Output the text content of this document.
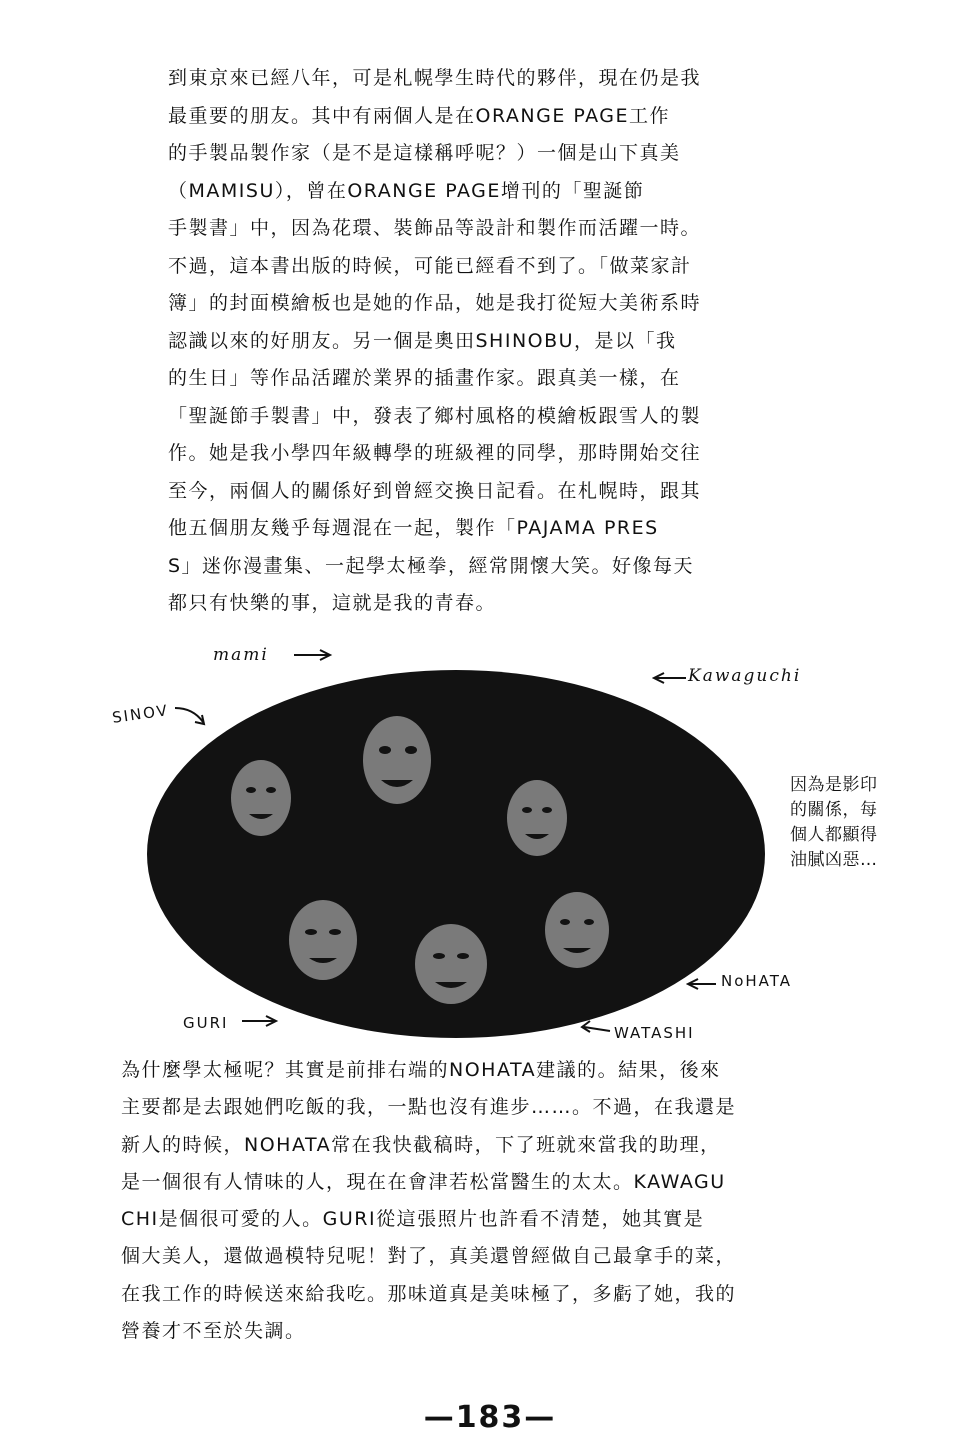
到東京來已經八年，可是札幌學生時代的夥伴，現在仍是我
最重要的朋友。其中有兩個人是在ORANGE PAGE工作
的手製品製作家（是不是這樣稱呼呢？）一個是山下真美
（MAMISU），曾在ORANGE PAGE增刊的「聖誕節
手製書」中，因為花環、裝飾品等設計和製作而活躍一時。
不過，這本書出版的時候，可能已經看不到了。「做菜家計
簿」的封面模繪板也是她的作品，她是我打從短大美術系時
認識以來的好朋友。另一個是奧田SHINOBU，是以「我
的生日」等作品活躍於業界的插畫作家。跟真美一樣，在
「聖誕節手製書」中，發表了鄉村風格的模繪板跟雪人的製
作。她是我小學四年級轉學的班級裡的同學，那時開始交往
至今，兩個人的關係好到曾經交換日記看。在札幌時，跟其
他五個朋友幾乎每週混在一起，製作「PAJAMA PRES
S」迷你漫畫集、一起學太極拳，經常開懷大笑。好像每天
都只有快樂的事，這就是我的青春。
mami
Kawaguchi
SINOV
NoHATA
GURI
WATASHI
因為是影印
的關係，每
個人都顯得
油膩凶惡…
為什麼學太極呢？其實是前排右端的NOHATA建議的。結果，後來
主要都是去跟她們吃飯的我，一點也沒有進步……。不過，在我還是
新人的時候，NOHATA常在我快截稿時，下了班就來當我的助理，
是一個很有人情味的人，現在在會津若松當醫生的太太。KAWAGU
CHI是個很可愛的人。GURI從這張照片也許看不清楚，她其實是
個大美人，還做過模特兒呢！對了，真美還曾經做自己最拿手的菜，
在我工作的時候送來給我吃。那味道真是美味極了，多虧了她，我的
營養才不至於失調。
—183—
